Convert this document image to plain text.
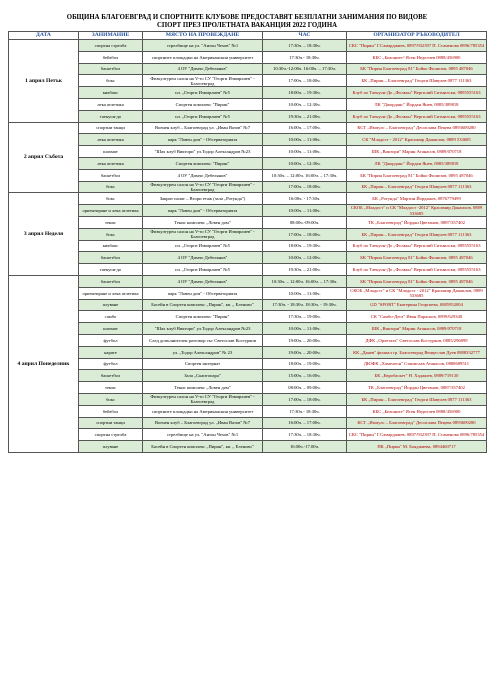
ОБЩИНА БЛАГОЕВГРАД И СПОРТНИТЕ КЛУБОВЕ ПРЕДОСТАВЯТ БЕЗПЛАТНИ ЗАНИМАНИЯ ПО ВИДОВЕ СПОРТ ПРЕЗ ПРОЛЕТНАТА ВАКАНЦИЯ 2022 ГОДИНА
ДАТА	ЗАНИМАНИЕ	МЯСТО НА ПРОВЕЖДАНЕ	ЧАС	ОРГАНИЗАТОР РЪКОВОДИТЕЛ
1 април Петък	спортна стрелба	стрелбище на ул. "Антон Чехов" №1	17:30ч. – 18:30ч.	СКС "Пирин" Г.Самарджиев, 0897/932397 П. Стаменова 0896/785354
	бейзбол	спортните площадки на Американския университет	17:30ч.- 18:30ч.	КБС „Бизоните“ Ясен Неделчев 0888/456900
	баскетбол	4 ОУ "Димчо Дебелянов"	10:30ч.-12:00ч. 16:00ч. – 17:30ч.	БК "Пирин Благоевград 81" Бойко Филипов, 0895 487046
	бокс	Физкултурен салон на V-то СУ "Георги Измирлиев" - Благоевград	17:00ч. – 18:00ч.	БК „Пирин – Благоевград" Георги Шавулев 0877 111363
	кикбокс	пл. „Георги Измирлиев" №5	18:00ч. – 19:30ч.	Клуб по Таекуон-До „Фолкън" Вергилий Ситнилски, 0895555163
	лека атлетика	Спортен комплекс "Пирин"	10:00ч. – 12:30ч.	ЛК "Джорданс" Йордан Янев, 0885/389818
	таекуон-до	пл. „Георги Измирлиев" №5	19:30ч. – 21:00ч.	Клуб по Таекуон-До „Фолкън" Вергилий Ситнилски, 0895555163
2 април Събота	спортни танци	Военен клуб – Благоевград ул. „Иван Вазов" №7	16:00ч. – 17:00ч.	КСТ „Импулс – Благоевград" Десислава Пецева 0893609280
	лека атлетика	парк "Ловен дом" - Обсерваторията	10:00ч. – 11:00ч.	СК "Младост - 2012" Красимир Данаилов, 0889 533685
	шахмат	"Шах клуб Виктори" ул.Тодор Александров №23	10:00ч. – 11:00ч.	ШК „Виктори" Марин Атанасов, 0889/070718
	лека атлетика	Спортен комплекс "Пирин"	10:00ч. – 12:30ч.	ЛК "Джорданс" Йордан Янев, 0885/389818
	баскетбол	4 ОУ "Димчо Дебелянов"	10:30ч. – 12:00ч. 16:00ч. – 17:30ч.	БК "Пирин Благоевград 81" Бойко Филипов, 0895 487046
	бокс	Физкултурен салон на V-то СУ "Георги Измирлиев" - Благоевград	17:00ч. – 18:00ч.	БК „Пирин – Благоевград" Георги Шавулев 0877 111363
3 април Неделя	бокс	Закрит палат – Втори етаж (зала „Ротунда")	16:00ч. - 17:30ч.	БК „Ротунда" Мартин Йорданов, 0876779499
	ориентиране и лека атлетика	парк "Ловен дом" - Обсерваторията	10:00ч. – 11:00ч.	СКОБ „Младост" и СК "Младост -2012" Красимир Данаилов, 0889 533685
	тенис	Тенис комплекс „Ловен дом"	08:00ч.-09:00ч.	ТК „Благоевград" Йордан Цветанов, 0887/357402
	бокс	Физкултурен салон на V-то СУ "Георги Измирлиев" - Благоевград	17:00ч. – 18:00ч.	БК „Пирин – Благоевград" Георги Шавулев 0877 111363
	кикбокс	пл. „Георги Измирлиев" №5	18:00ч. – 19:30ч.	Клуб по Таекуон-До „Фолкън" Вергилий Ситнилски, 0895555163
	баскетбол	4 ОУ "Димчо Дебелянов"	10:00ч. – 12:00ч.	БК "Пирин Благоевград 81" Бойко Филипов, 0895 487046
	таекуон-до	пл. „Георги Измирлиев" №5	19:30ч. – 21:00ч.	Клуб по Таекуон-До „Фолкън" Вергилий Ситнилски, 0895555163
4 април Понеделник	баскетбол	4 ОУ "Димчо Дебелянов"	10:30ч. – 12:00ч. 16:00ч. – 17:30ч.	БК "Пирин Благоевград 81" Бойко Филипов, 0895 487046
	ориентиране и лека атлетика	парк "Ловен дом" - Обсерваторията	10:00ч. – 11:00ч.	СКОБ „Младост" и СК "Младост - 2012" Красимир Данаилов, 0889 533685
	плуване	Басейн в Спортен комплекс „Пирин", кв. „ Еленово"	17:30ч. - 18:30ч. 18:30ч. - 19:30ч.	GD "SPORT" Екатерина Георгиева, 0885952004
	самбо	Спортен комплекс "Пирин"	17:30ч. – 19:00ч.	СК "Самбо-Дега" Иван Парасков, 0899/629340
	шахмат	"Шах клуб Виктори" ул.Тодор Александров №23	10:00ч. – 11:00ч.	ШК „Виктори" Марин Атанасов, 0889/070718
	футбол	След допълнителен разговор със Светослав Костурков	19:00ч. – 20:00ч.	ДФК „Орлетата" Светослав Костурков, 0885/296899
	карате	ул. „Тодор Александров" № 23	19:00ч. – 20:00ч.	КК „Данев" филиал гр. Благоевград Венцеслав Дуев 0888332777
	футбол	Спортен интернат	18:00ч. – 19:00ч.	ДЮФК „Хамелеон" Станислав Атанасов, 0888689511
	баскетбол	Зала „Скаптопара"	15:00ч. – 16:00ч.	БК „Евробаскет" Н. Хаджиев, 0889/719130
	тенис	Тенис комплекс „Ловен дом"	08:00ч. – 09:00ч.	ТК „Благоевград" Йордан Цветанов, 0887/357402
	бокс	Физкултурен салон на V-то СУ "Георги Измирлиев" - Благоевград	17:00ч. – 18:00ч.	БК „Пирин – Благоевград" Георги Шавулев 0877 111363
	бейзбол	спортните площадки на Американския университет	17:30ч.- 18:30ч.	КБС „Бизоните" Ясен Неделчев 0888/456900
	спортни танци	Военен клуб – Благоевград ул. „Иван Вазов" №7	16:00ч. – 17:00ч.	КСТ „Импулс – Благоевград" Десислава Пецева 0893609280
	спортна стрелба	стрелбище на ул. "Антон Чехов" №1	17:30ч. – 18:30ч.	СКС "Пирин" Г.Самарджиев, 0897/932397 П. Стаменова 0896/785354
	плуване	Басейн в Спортен комплекс „Пирин", кв. „ Еленово"	16.00ч.-17.00ч.	ПК „Пирин" М. Бояджиева, 0894460717
